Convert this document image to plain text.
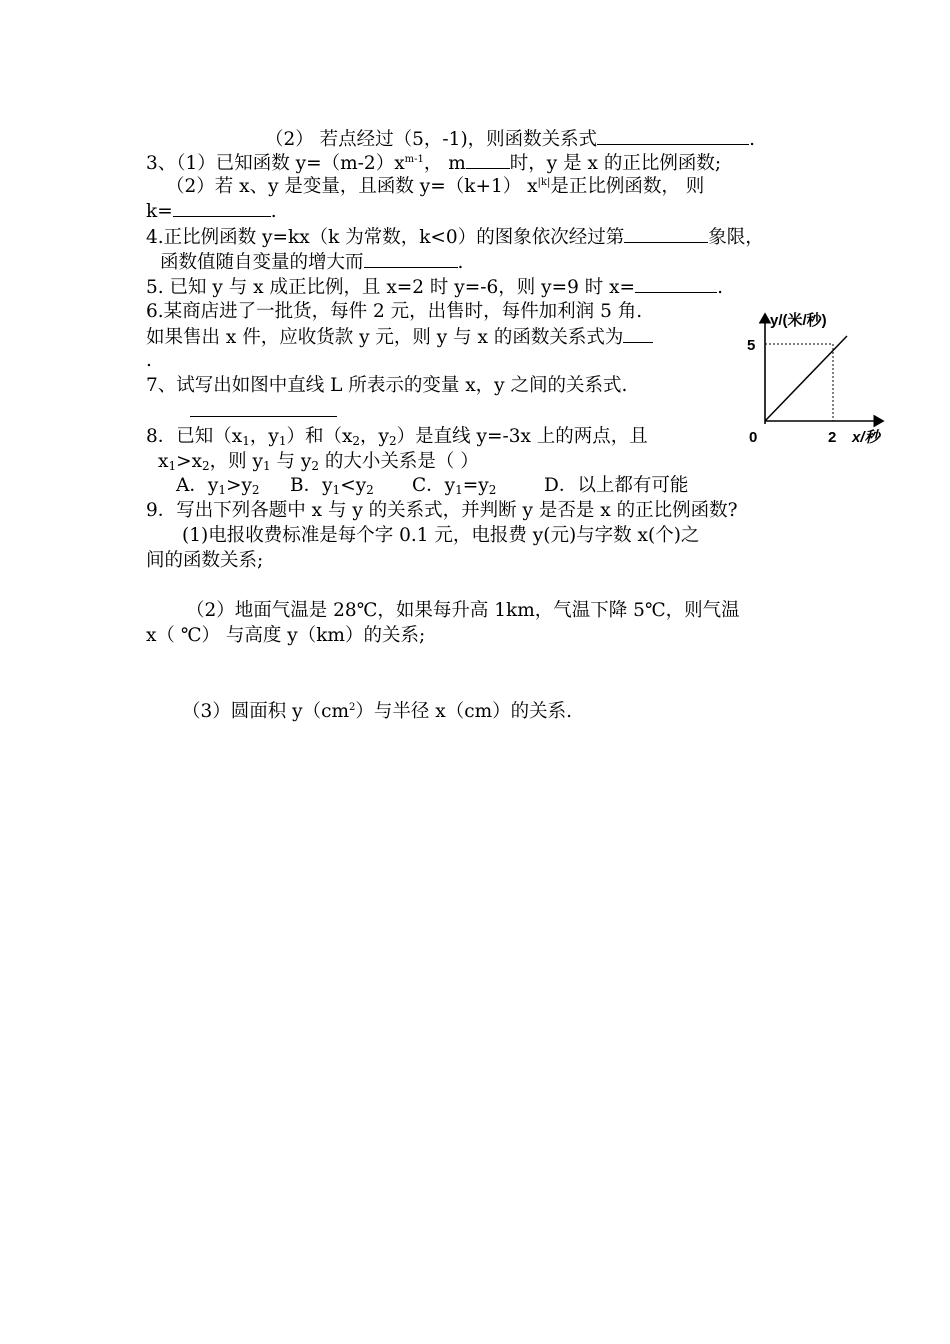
（2） 若点经过（5，-1)，则函数关系式	.
3、（1）已知函数 $y=(m-2)x^{m-1}$， m 时，y 是 x 的正比例函数;
（2）若 x、y 是变量，且函数 y=（k+1） $x^{|k|}$是正比例函数， 则
k=	.
4.正比例函数 y=kx（k 为常数，k<0）的图象依次经过第	象限，
函数值随自变量的增大而	.
5. 已知 y 与 x 成正比例，且 x=2 时 y=-6，则 y=9 时 x=	.
6.某商店进了一批货，每件 2 元，出售时，每件加利润 5 角.
如果售出 x 件，应收货款 y 元，则 y 与 x 的函数关系式为
.
7、试写出如图中直线 L 所表示的变量 x，y 之间的关系式.
8．已知（$x_1$，$y_1$）和（$x_2$，$y_2$）是直线 y=-3x 上的两点，且
$x_1>x_2$，则 $y_1$ 与 $y_2$ 的大小关系是（ ）
A．$y_1>y_2$ B．$y_1<y_2$ C．$y_1=y_2$	D．以上都有可能
9．写出下列各题中 x 与 y 的关系式，并判断 y 是否是 x 的正比例函数?
(1)电报收费标准是每个字 0.1 元，电报费 y(元)与字数 x(个)之
间的函数关系;
（2）地面气温是 28℃，如果每升高 1km，气温下降 5℃，则气温
x（ ℃） 与高度 y（km）的关系;
（3）圆面积 $y(cm^2)$与半径 x（cm）的关系.
y/(米/秒)
5
0	2 x/秒
